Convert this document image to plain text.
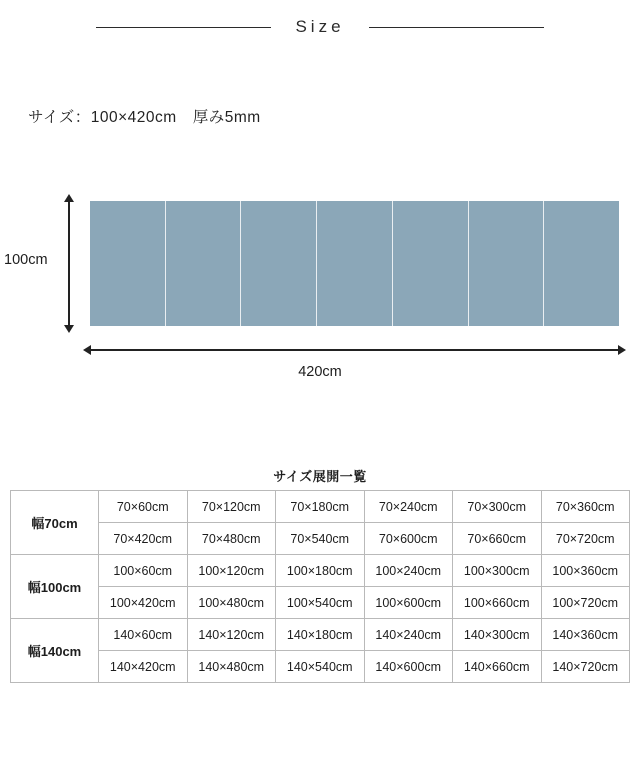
Size
サイズ：100×420cm　厚み5mm
100cm
420cm
サイズ展開一覧
幅70cm	70×60cm	70×120cm	70×180cm	70×240cm	70×300cm	70×360cm
	70×420cm	70×480cm	70×540cm	70×600cm	70×660cm	70×720cm
幅100cm	100×60cm	100×120cm	100×180cm	100×240cm	100×300cm	100×360cm
	100×420cm	100×480cm	100×540cm	100×600cm	100×660cm	100×720cm
幅140cm	140×60cm	140×120cm	140×180cm	140×240cm	140×300cm	140×360cm
	140×420cm	140×480cm	140×540cm	140×600cm	140×660cm	140×720cm
